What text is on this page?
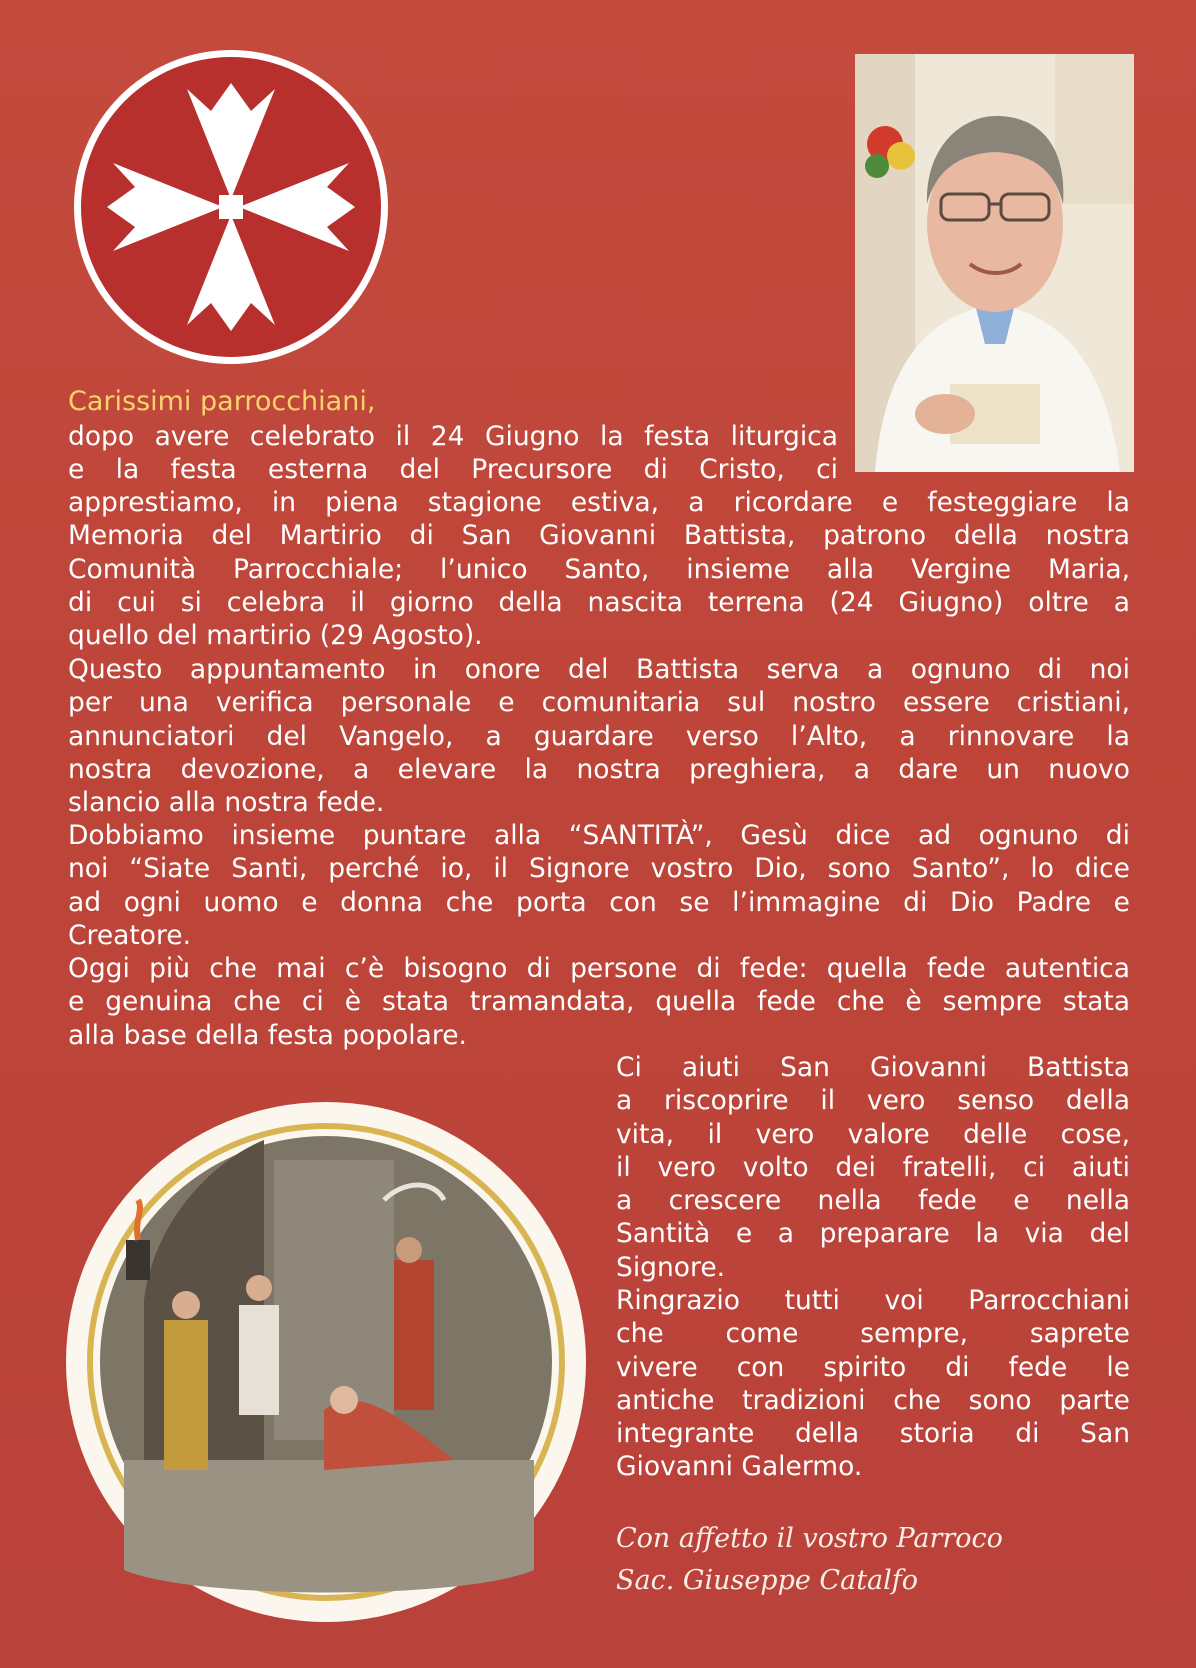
Carissimi parrocchiani,
dopo avere celebrato il 24 Giugno la festa liturgica
e la festa esterna del Precursore di Cristo, ci
apprestiamo, in piena stagione estiva, a ricordare e festeggiare la
Memoria del Martirio di San Giovanni Battista, patrono della nostra
Comunità Parrocchiale; l’unico Santo, insieme alla Vergine Maria,
di cui si celebra il giorno della nascita terrena (24 Giugno) oltre a
quello del martirio (29 Agosto).
Questo appuntamento in onore del Battista serva a ognuno di noi
per una verifica personale e comunitaria sul nostro essere cristiani,
annunciatori del Vangelo, a guardare verso l’Alto, a rinnovare la
nostra devozione, a elevare la nostra preghiera, a dare un nuovo
slancio alla nostra fede.
Dobbiamo insieme puntare alla “SANTITÀ”, Gesù dice ad ognuno di
noi “Siate Santi, perché io, il Signore vostro Dio, sono Santo”, lo dice
ad ogni uomo e donna che porta con se l’immagine di Dio Padre e
Creatore.
Oggi più che mai c’è bisogno di persone di fede: quella fede autentica
e genuina che ci è stata tramandata, quella fede che è sempre stata
alla base della festa popolare.
Ci aiuti San Giovanni Battista
a riscoprire il vero senso della
vita, il vero valore delle cose,
il vero volto dei fratelli, ci aiuti
a crescere nella fede e nella
Santità e a preparare la via del
Signore.
Ringrazio tutti voi Parrocchiani
che come sempre, saprete
vivere con spirito di fede le
antiche tradizioni che sono parte
integrante della storia di San
Giovanni Galermo.
Con affetto il vostro Parroco
Sac. Giuseppe Catalfo
